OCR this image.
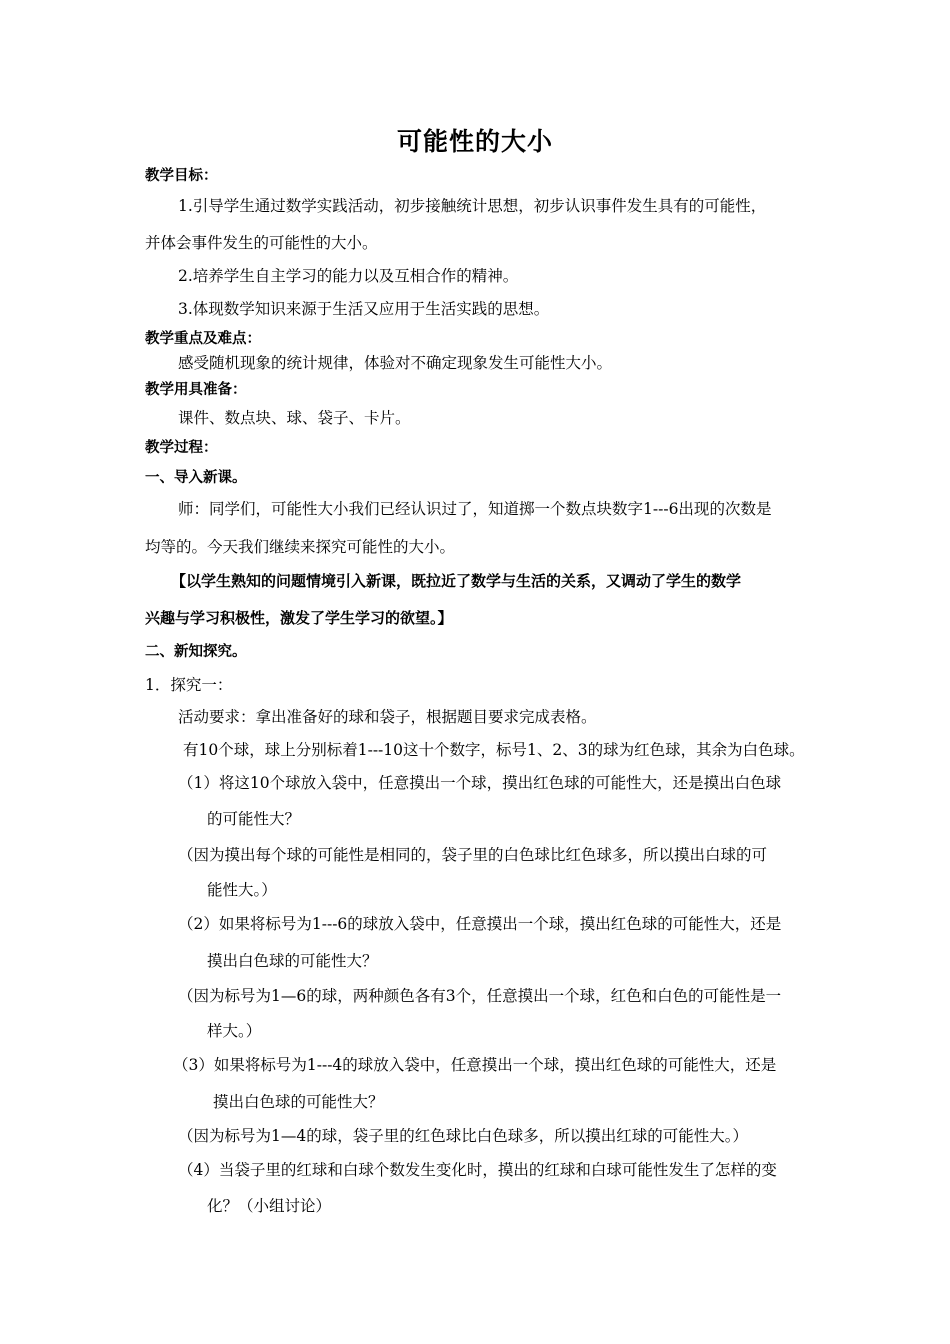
可能性的大小
教学目标：
1.引导学生通过数学实践活动，初步接触统计思想，初步认识事件发生具有的可能性，
并体会事件发生的可能性的大小。
2.培养学生自主学习的能力以及互相合作的精神。
3.体现数学知识来源于生活又应用于生活实践的思想。
教学重点及难点：
感受随机现象的统计规律，体验对不确定现象发生可能性大小。
教学用具准备：
课件、数点块、球、袋子、卡片。
教学过程：
一、导入新课。
师：同学们，可能性大小我们已经认识过了，知道掷一个数点块数字1---6出现的次数是
均等的。今天我们继续来探究可能性的大小。
【以学生熟知的问题情境引入新课，既拉近了数学与生活的关系，又调动了学生的数学
兴趣与学习积极性，激发了学生学习的欲望。】
二、新知探究。
1．探究一：
活动要求：拿出准备好的球和袋子，根据题目要求完成表格。
有10个球，球上分别标着1---10这十个数字，标号1、2、3的球为红色球，其余为白色球。
（1）将这10个球放入袋中，任意摸出一个球，摸出红色球的可能性大，还是摸出白色球
的可能性大？
（因为摸出每个球的可能性是相同的，袋子里的白色球比红色球多，所以摸出白球的可
能性大。）
（2）如果将标号为1---6的球放入袋中，任意摸出一个球，摸出红色球的可能性大，还是
摸出白色球的可能性大？
（因为标号为1—6的球，两种颜色各有3个，任意摸出一个球，红色和白色的可能性是一
样大。）
（3）如果将标号为1---4的球放入袋中，任意摸出一个球，摸出红色球的可能性大，还是
摸出白色球的可能性大？
（因为标号为1—4的球，袋子里的红色球比白色球多，所以摸出红球的可能性大。）
（4）当袋子里的红球和白球个数发生变化时，摸出的红球和白球可能性发生了怎样的变
化？（小组讨论）
